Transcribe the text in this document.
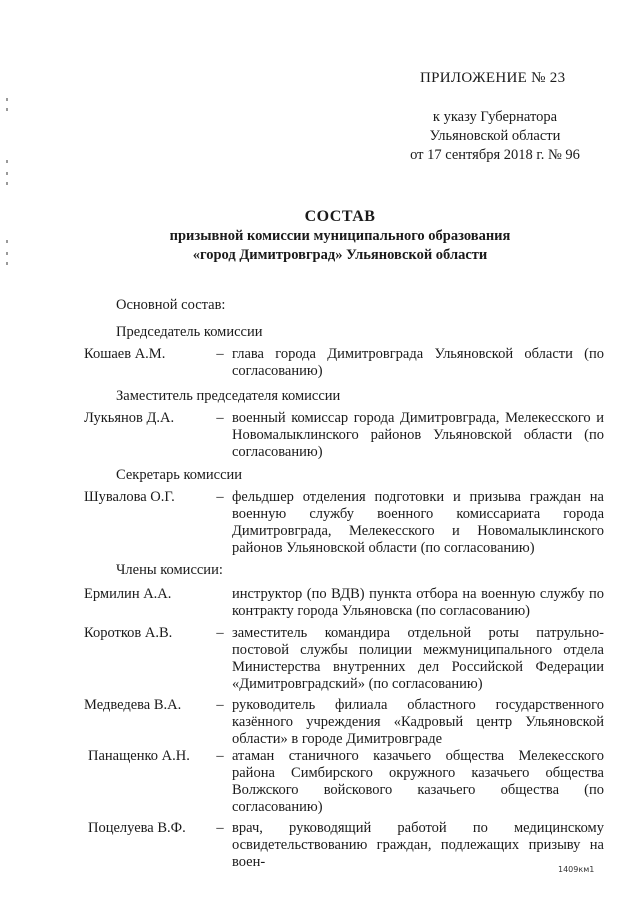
ПРИЛОЖЕНИЕ № 23
к указу Губернатора
Ульяновской области
от 17 сентября 2018 г. № 96
СОСТАВ
призывной комиссии муниципального образования
«город Димитровград» Ульяновской области
Основной состав:
Председатель комиссии
Кошаев А.М.	– глава города Димитровграда Ульяновской области (по согласованию)
Заместитель председателя комиссии
Лукьянов Д.А.	– военный комиссар города Димитровграда, Мелекесского и Новомалыклинского районов Ульяновской области (по согласованию)
Секретарь комиссии
Шувалова О.Г.	– фельдшер отделения подготовки и призыва граждан на военную службу военного комиссариата города Димитровграда, Мелекесского и Новомалыклинского районов Ульяновской области (по согласованию)
Члены комиссии:
Ермилин А.А.	инструктор (по ВДВ) пункта отбора на военную службу по контракту города Ульяновска (по согласованию)
Коротков А.В.	– заместитель командира отдельной роты патрульно-постовой службы полиции межмуниципального отдела Министерства внутренних дел Российской Федерации «Димитровградский» (по согласованию)
Медведева В.А.	– руководитель филиала областного государственного казённого учреждения «Кадровый центр Ульяновской области» в городе Димитровграде
Панащенко А.Н.	– атаман станичного казачьего общества Мелекесского района Симбирского окружного казачьего общества Волжского войскового казачьего общества (по согласованию)
Поцелуева В.Ф.	– врач, руководящий работой по медицинскому освидетельствованию граждан, подлежащих призыву на воен-	1409км1
